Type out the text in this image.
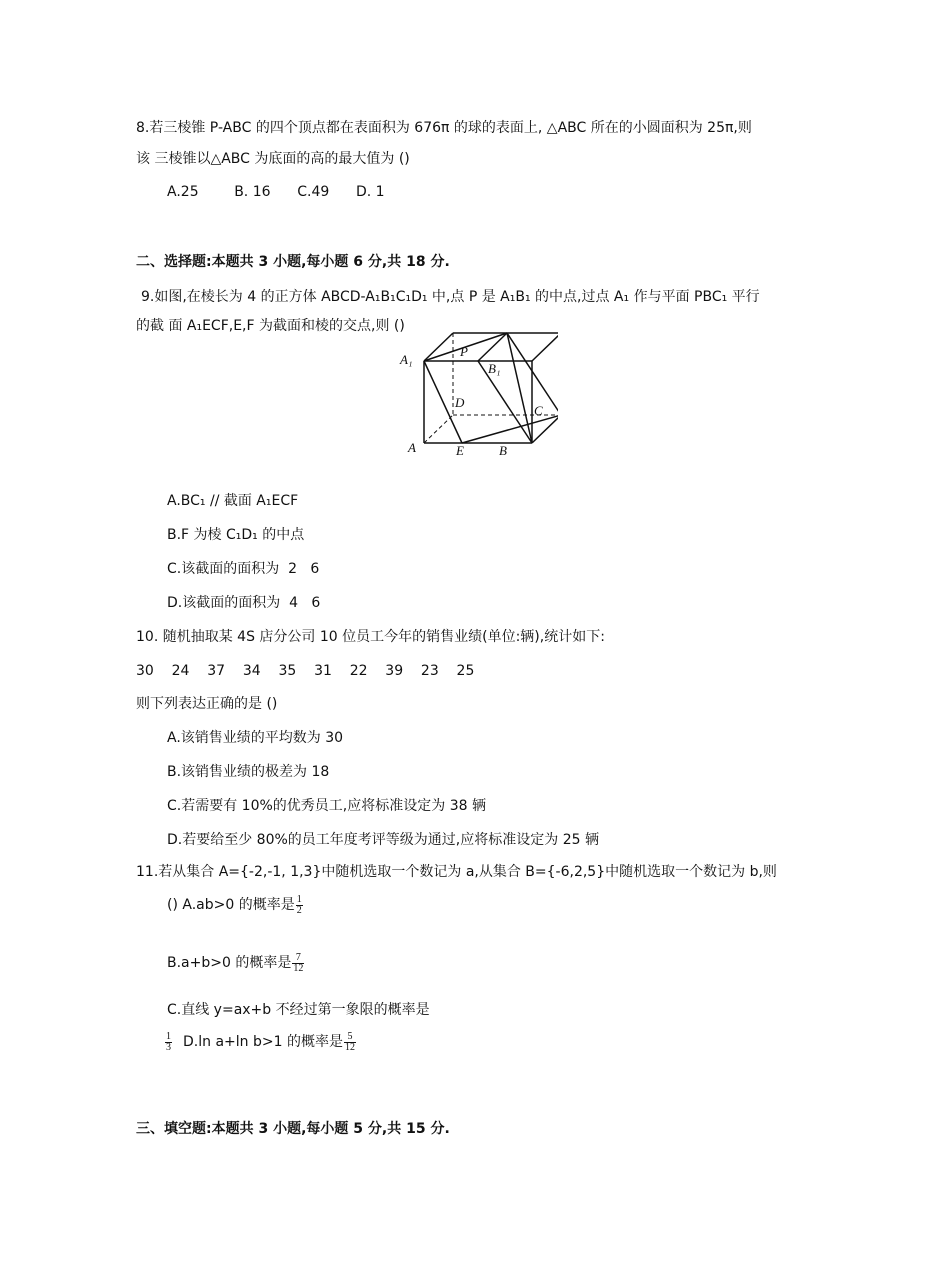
8.若三棱锥 P-ABC 的四个顶点都在表面积为 676π 的球的表面上, △ABC 所在的小圆面积为 25π,则
该 三棱锥以△ABC 为底面的高的最大值为 ()
A.25        B. 16      C.49      D. 1
二、选择题:本题共 3 小题,每小题 6 分,共 18 分.
9.如图,在棱长为 4 的正方体 ABCD-A₁B₁C₁D₁ 中,点 P 是 A₁B₁ 的中点,过点 A₁ 作与平面 PBC₁ 平行
的截 面 A₁ECF,E,F 为截面和棱的交点,则 ()
A₁
P
B₁
D
C
A	E	B
A.BC₁ // 截面 A₁ECF
B.F 为棱 C₁D₁ 的中点
C.该截面的面积为  2   6
D.该截面的面积为  4   6
10. 随机抽取某 4S 店分公司 10 位员工今年的销售业绩(单位:辆),统计如下:
30    24    37    34    35    31    22    39    23    25
则下列表达正确的是 ()
A.该销售业绩的平均数为 30
B.该销售业绩的极差为 18
C.若需要有 10%的优秀员工,应将标准设定为 38 辆
D.若要给至少 80%的员工年度考评等级为通过,应将标准设定为 25 辆
11.若从集合 A={-2,-1, 1,3}中随机选取一个数记为 a,从集合 B={-6,2,5}中随机选取一个数记为 b,则
() A.ab>0 的概率是 $\frac{1}{2}$
B.a+b>0 的概率是 $\frac{7}{12}$
C.直线 y=ax+b 不经过第一象限的概率是
$\frac{1}{3} D.\ln$ a+ln b>1 的概率是 $\frac{5}{12}$
三、填空题:本题共 3 小题,每小题 5 分,共 15 分.
